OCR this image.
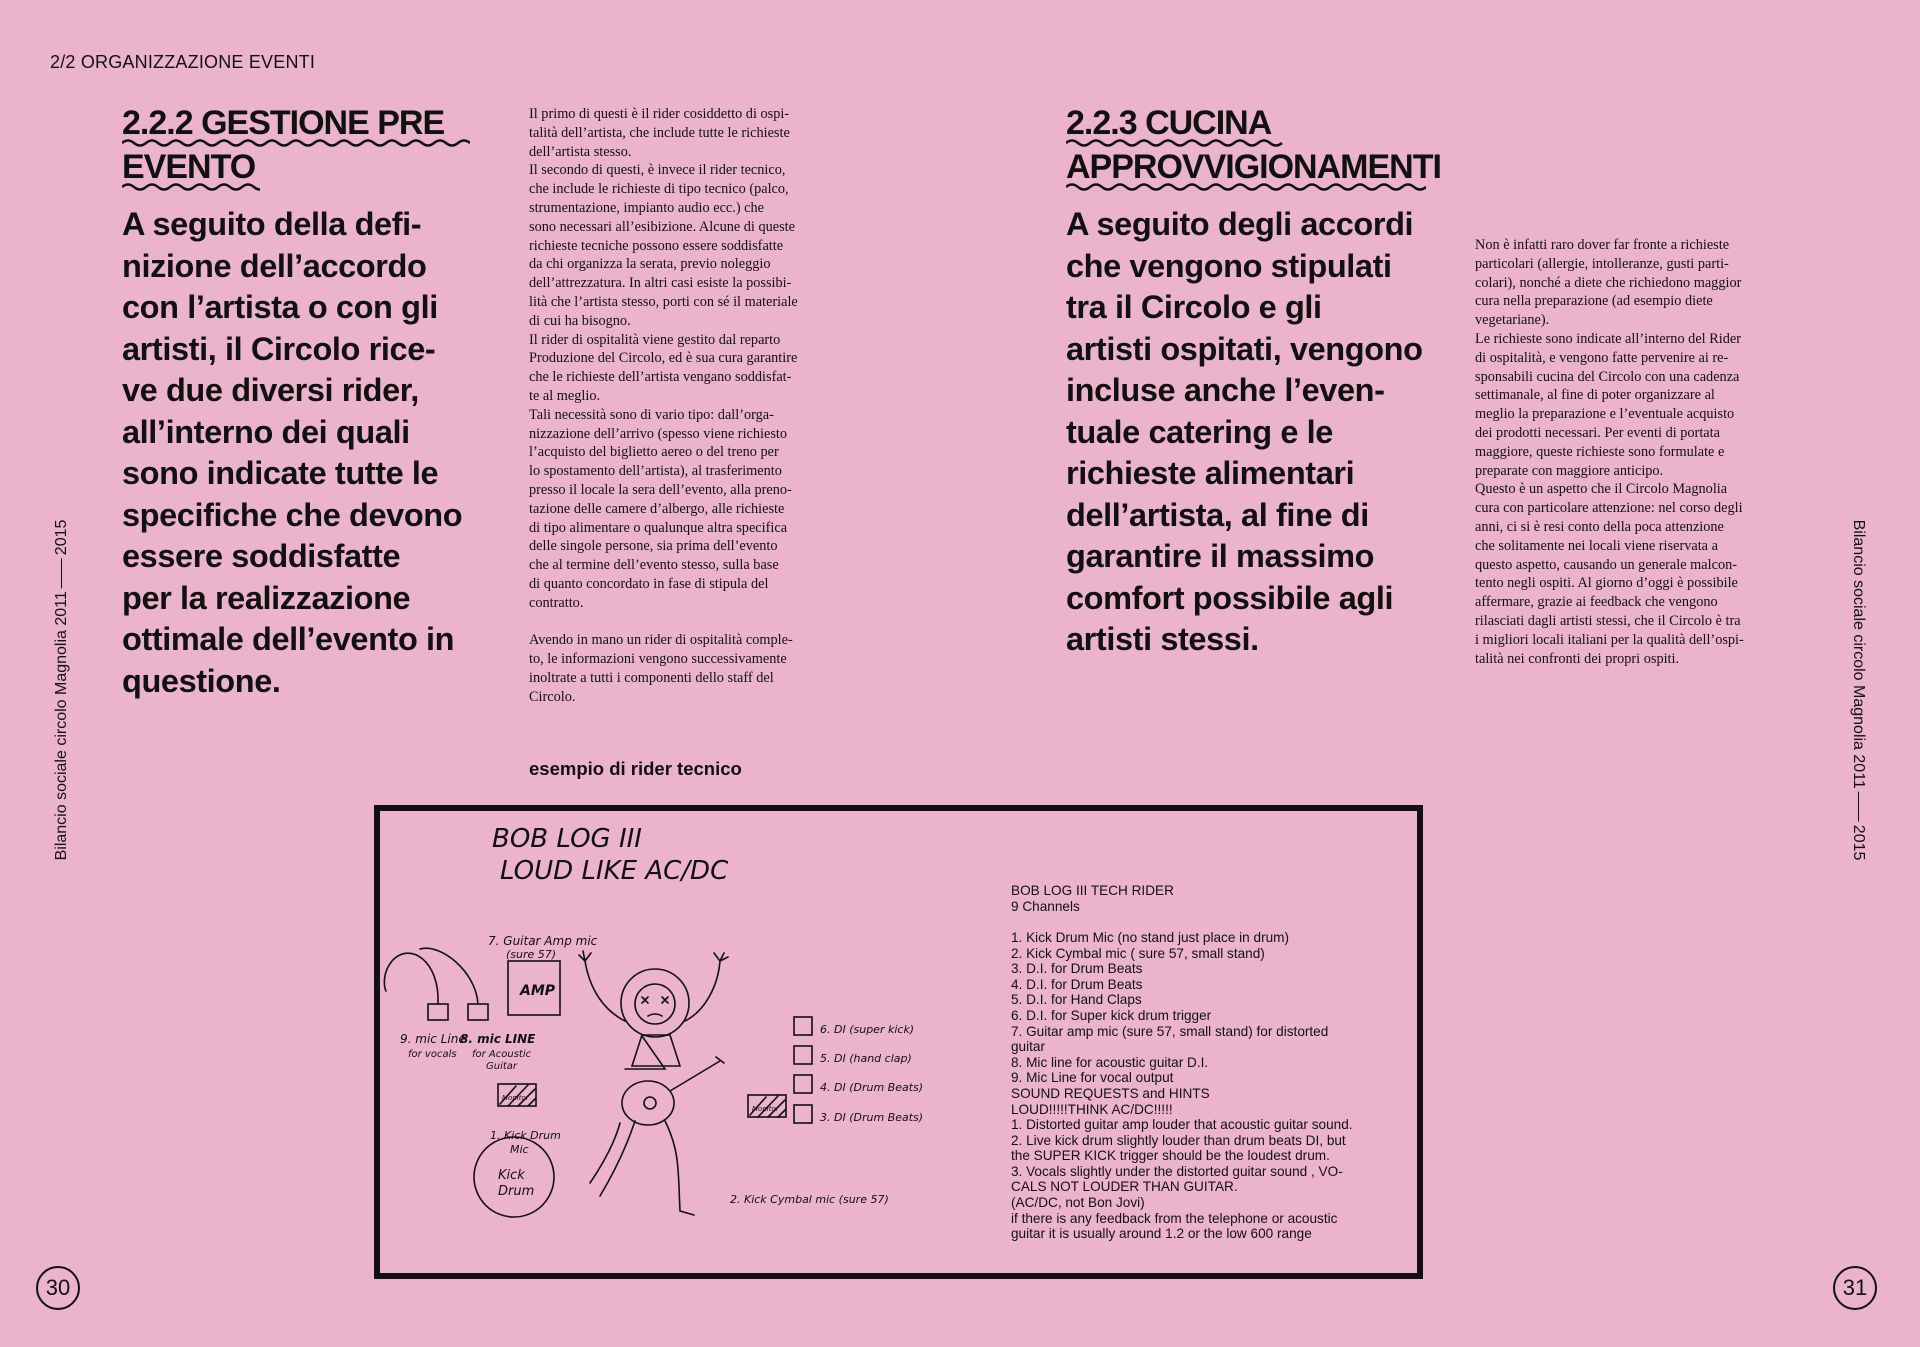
2/2 ORGANIZZAZIONE EVENTI
Bilancio sociale circolo Magnolia 20112015	Bilancio sociale circolo Magnolia 20112015
30	31
2.2.2 GESTIONE PRE
EVENTO
A seguito della defi-
nizione dell’accordo
con l’artista o con gli
artisti, il Circolo rice-
ve due diversi rider,
all’interno dei quali
sono indicate tutte le
specifiche che devono
essere soddisfatte
per la realizzazione
ottimale dell’evento in
questione.

Il primo di questi è il rider cosiddetto di ospi-

talità dell’artista, che include tutte le richieste

dell’artista stesso.

Il secondo di questi, è invece il rider tecnico,

che include le richieste di tipo tecnico (palco,

strumentazione, impianto audio ecc.) che

sono necessari all’esibizione. Alcune di queste

richieste tecniche possono essere soddisfatte

da chi organizza la serata, previo noleggio

dell’attrezzatura. In altri casi esiste la possibi-

lità che l’artista stesso, porti con sé il materiale

di cui ha bisogno.

Il rider di ospitalità viene gestito dal reparto

Produzione del Circolo, ed è sua cura garantire

che le richieste dell’artista vengano soddisfat-

te al meglio.

Tali necessità sono di vario tipo: dall’orga-

nizzazione dell’arrivo (spesso viene richiesto

l’acquisto del biglietto aereo o del treno per

lo spostamento dell’artista), al trasferimento

presso il locale la sera dell’evento, alla preno-

tazione delle camere d’albergo, alle richieste

di tipo alimentare o qualunque altra specifica

delle singole persone, sia prima dell’evento

che al termine dell’evento stesso, sulla base

di quanto concordato in fase di stipula del

contratto.

Avendo in mano un rider di ospitalità comple-

to, le informazioni vengono successivamente

inoltrate a tutti i componenti dello staff del

Circolo.

esempio di rider tecnico
2.2.3 CUCINA
APPROVVIGIONAMENTI
A seguito degli accordi
che vengono stipulati
tra il Circolo e gli
artisti ospitati, vengono
incluse anche l’even-
tuale catering e le
richieste alimentari
dell’artista, al fine di
garantire il massimo
comfort possibile agli
artisti stessi.

Non è infatti raro dover far fronte a richieste

particolari (allergie, intolleranze, gusti parti-

colari), nonché a diete che richiedono maggior

cura nella preparazione (ad esempio diete

vegetariane).

Le richieste sono indicate all’interno del Rider

di ospitalità, e vengono fatte pervenire ai re-

sponsabili cucina del Circolo con una cadenza

settimanale, al fine di poter organizzare al

meglio la preparazione e l’eventuale acquisto

dei prodotti necessari. Per eventi di portata

maggiore, queste richieste sono formulate e

preparate con maggiore anticipo.

Questo è un aspetto che il Circolo Magnolia

cura con particolare attenzione: nel corso degli

anni, ci si è resi conto della poca attenzione

che solitamente nei locali viene riservata a

questo aspetto, causando un generale malcon-

tento negli ospiti. Al giorno d’oggi è possibile

affermare, grazie ai feedback che vengono

rilasciati dagli artisti stessi, che il Circolo è tra

i migliori locali italiani per la qualità dell’ospi-

talità nei confronti dei propri ospiti.

BOB LOG III
LOUD LIKE AC/DC
7. Guitar Amp mic
(sure 57)
AMP
9. mic Line
for vocals
8. mic LINE
for Acoustic
Guitar
Monitor
Monitor
1. Kick Drum
Mic
Kick
Drum
6. DI (super kick)
5. DI (hand clap)
4. DI (Drum Beats)
3. DI (Drum Beats)
2. Kick Cymbal mic (sure 57)

BOB LOG III TECH RIDER
9 Channels
1. Kick Drum Mic (no stand just place in drum)
2. Kick Cymbal mic ( sure 57, small stand)
3. D.I. for Drum Beats
4. D.I. for Drum Beats
5. D.I. for Hand Claps
6. D.I. for Super kick drum trigger
7. Guitar amp mic (sure 57, small stand) for distorted
guitar
8. Mic line for acoustic guitar D.I.
9. Mic Line for vocal output
SOUND REQUESTS and HINTS
LOUD!!!!!THINK AC/DC!!!!!
1. Distorted guitar amp louder that acoustic guitar sound.
2. Live kick drum slightly louder than drum beats DI, but
the SUPER KICK trigger should be the loudest drum.
3. Vocals slightly under the distorted guitar sound , VO-
CALS NOT LOUDER THAN GUITAR.
(AC/DC, not Bon Jovi)
if there is any feedback from the telephone or acoustic
guitar it is usually around 1.2 or the low 600 range
